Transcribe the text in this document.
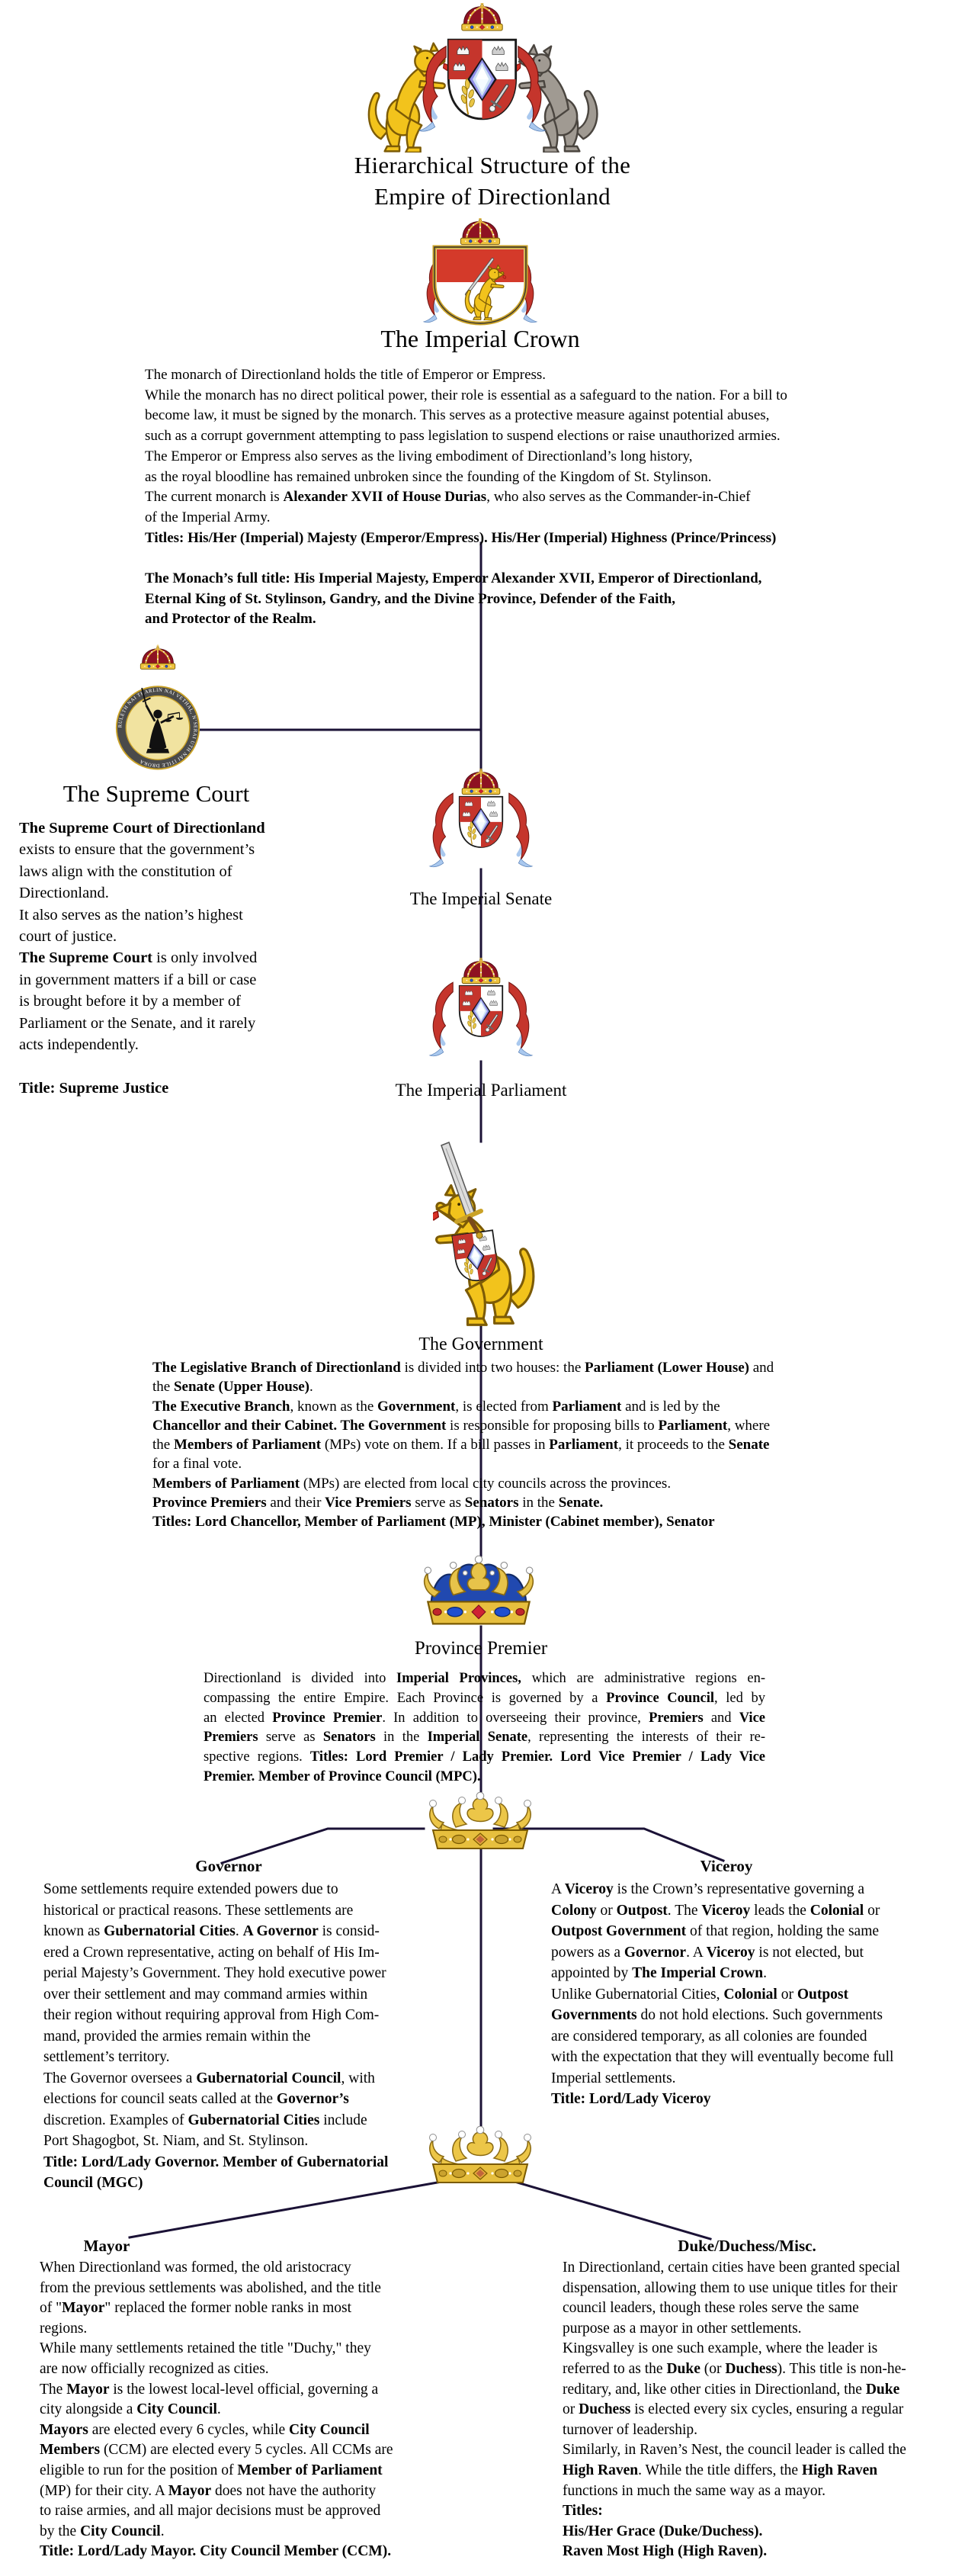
Hierarchical Structure of the
Empire of Directionland
The Imperial Crown
The monarch of Directionland holds the title of Emperor or Empress.
While the monarch has no direct political power, their role is essential as a safeguard to the nation. For a bill to
become law, it must be signed by the monarch. This serves as a protective measure against potential abuses,
such as a corrupt government attempting to pass legislation to suspend elections or raise unauthorized armies.
The Emperor or Empress also serves as the living embodiment of Directionland’s long history,
as the royal bloodline has remained unbroken since the founding of the Kingdom of St. Stylinson.
The current monarch is Alexander XVII of House Durias, who also serves as the Commander-in-Chief
of the Imperial Army.
Titles: His/Her (Imperial) Majesty (Emperor/Empress). His/Her (Imperial) Highness (Prince/Princess)

The Monach’s full title: His Imperial Majesty, Emperor Alexander XVII, Emperor of Directionland,
Eternal King of St. Stylinson, Gandry, and the Divine Province, Defender of the Faith,
and Protector of the Realm.
The Supreme Court
The Supreme Court of Directionland
exists to ensure that the government’s
laws align with the constitution of
Directionland.
It also serves as the nation’s highest
court of justice.
The Supreme Court is only involved
in government matters if a bill or case
is brought before it by a member of
Parliament or the Senate, and it rarely
acts independently.

Title: Supreme Justice
The Imperial Senate
The Imperial Parliament
The Government
The Legislative Branch of Directionland is divided into two houses: the Parliament (Lower House) and
the Senate (Upper House).
The Executive Branch, known as the Government, is elected from Parliament and is led by the
Chancellor and their Cabinet. The Government is responsible for proposing bills to Parliament, where
the Members of Parliament (MPs) vote on them. If a bill passes in Parliament, it proceeds to the Senate
for a final vote.
Members of Parliament (MPs) are elected from local city councils across the provinces.
Province Premiers and their Vice Premiers serve as Senators in the Senate.
Titles: Lord Chancellor, Member of Parliament (MP), Minister (Cabinet member), Senator
Province Premier
Directionland is divided into Imperial Provinces, which are administrative regions en-
compassing the entire Empire. Each Province is governed by a Province Council, led by
an elected Province Premier. In addition to overseeing their province, Premiers and Vice
Premiers serve as Senators in the Imperial Senate, representing the interests of their re-
spective regions. Titles: Lord Premier / Lady Premier. Lord Vice Premier / Lady Vice
Premier. Member of Province Council (MPC).
Governor	Viceroy
Some settlements require extended powers due to
historical or practical reasons. These settlements are
known as Gubernatorial Cities. A Governor is consid-
ered a Crown representative, acting on behalf of His Im-
perial Majesty’s Government. They hold executive power
over their settlement and may command armies within
their region without requiring approval from High Com-
mand, provided the armies remain within the
settlement’s territory.
The Governor oversees a Gubernatorial Council, with
elections for council seats called at the Governor’s
discretion. Examples of Gubernatorial Cities include
Port Shagogbot, St. Niam, and St. Stylinson.
Title: Lord/Lady Governor. Member of Gubernatorial
Council (MGC)
A Viceroy is the Crown’s representative governing a
Colony or Outpost. The Viceroy leads the Colonial or
Outpost Government of that region, holding the same
powers as a Governor. A Viceroy is not elected, but
appointed by The Imperial Crown.
Unlike Gubernatorial Cities, Colonial or Outpost
Governments do not hold elections. Such governments
are considered temporary, as all colonies are founded
with the expectation that they will eventually become full
Imperial settlements.
Title: Lord/Lady Viceroy
Mayor	Duke/Duchess/Misc.
When Directionland was formed, the old aristocracy
from the previous settlements was abolished, and the title
of "Mayor" replaced the former noble ranks in most
regions.
While many settlements retained the title "Duchy," they
are now officially recognized as cities.
The Mayor is the lowest local-level official, governing a
city alongside a City Council.
Mayors are elected every 6 cycles, while City Council
Members (CCM) are elected every 5 cycles. All CCMs are
eligible to run for the position of Member of Parliament
(MP) for their city. A Mayor does not have the authority
to raise armies, and all major decisions must be approved
by the City Council.
Title: Lord/Lady Mayor. City Council Member (CCM).
In Directionland, certain cities have been granted special
dispensation, allowing them to use unique titles for their
council leaders, though these roles serve the same
purpose as a mayor in other settlements.
Kingsvalley is one such example, where the leader is
referred to as the Duke (or Duchess). This title is non-he-
reditary, and, like other cities in Directionland, the Duke
or Duchess is elected every six cycles, ensuring a regular
turnover of leadership.
Similarly, in Raven’s Nest, the council leader is called the
High Raven. While the title differs, the High Raven
functions in much the same way as a mayor.
Titles:
His/Her Grace (Duke/Duchess).
Raven Most High (High Raven).
